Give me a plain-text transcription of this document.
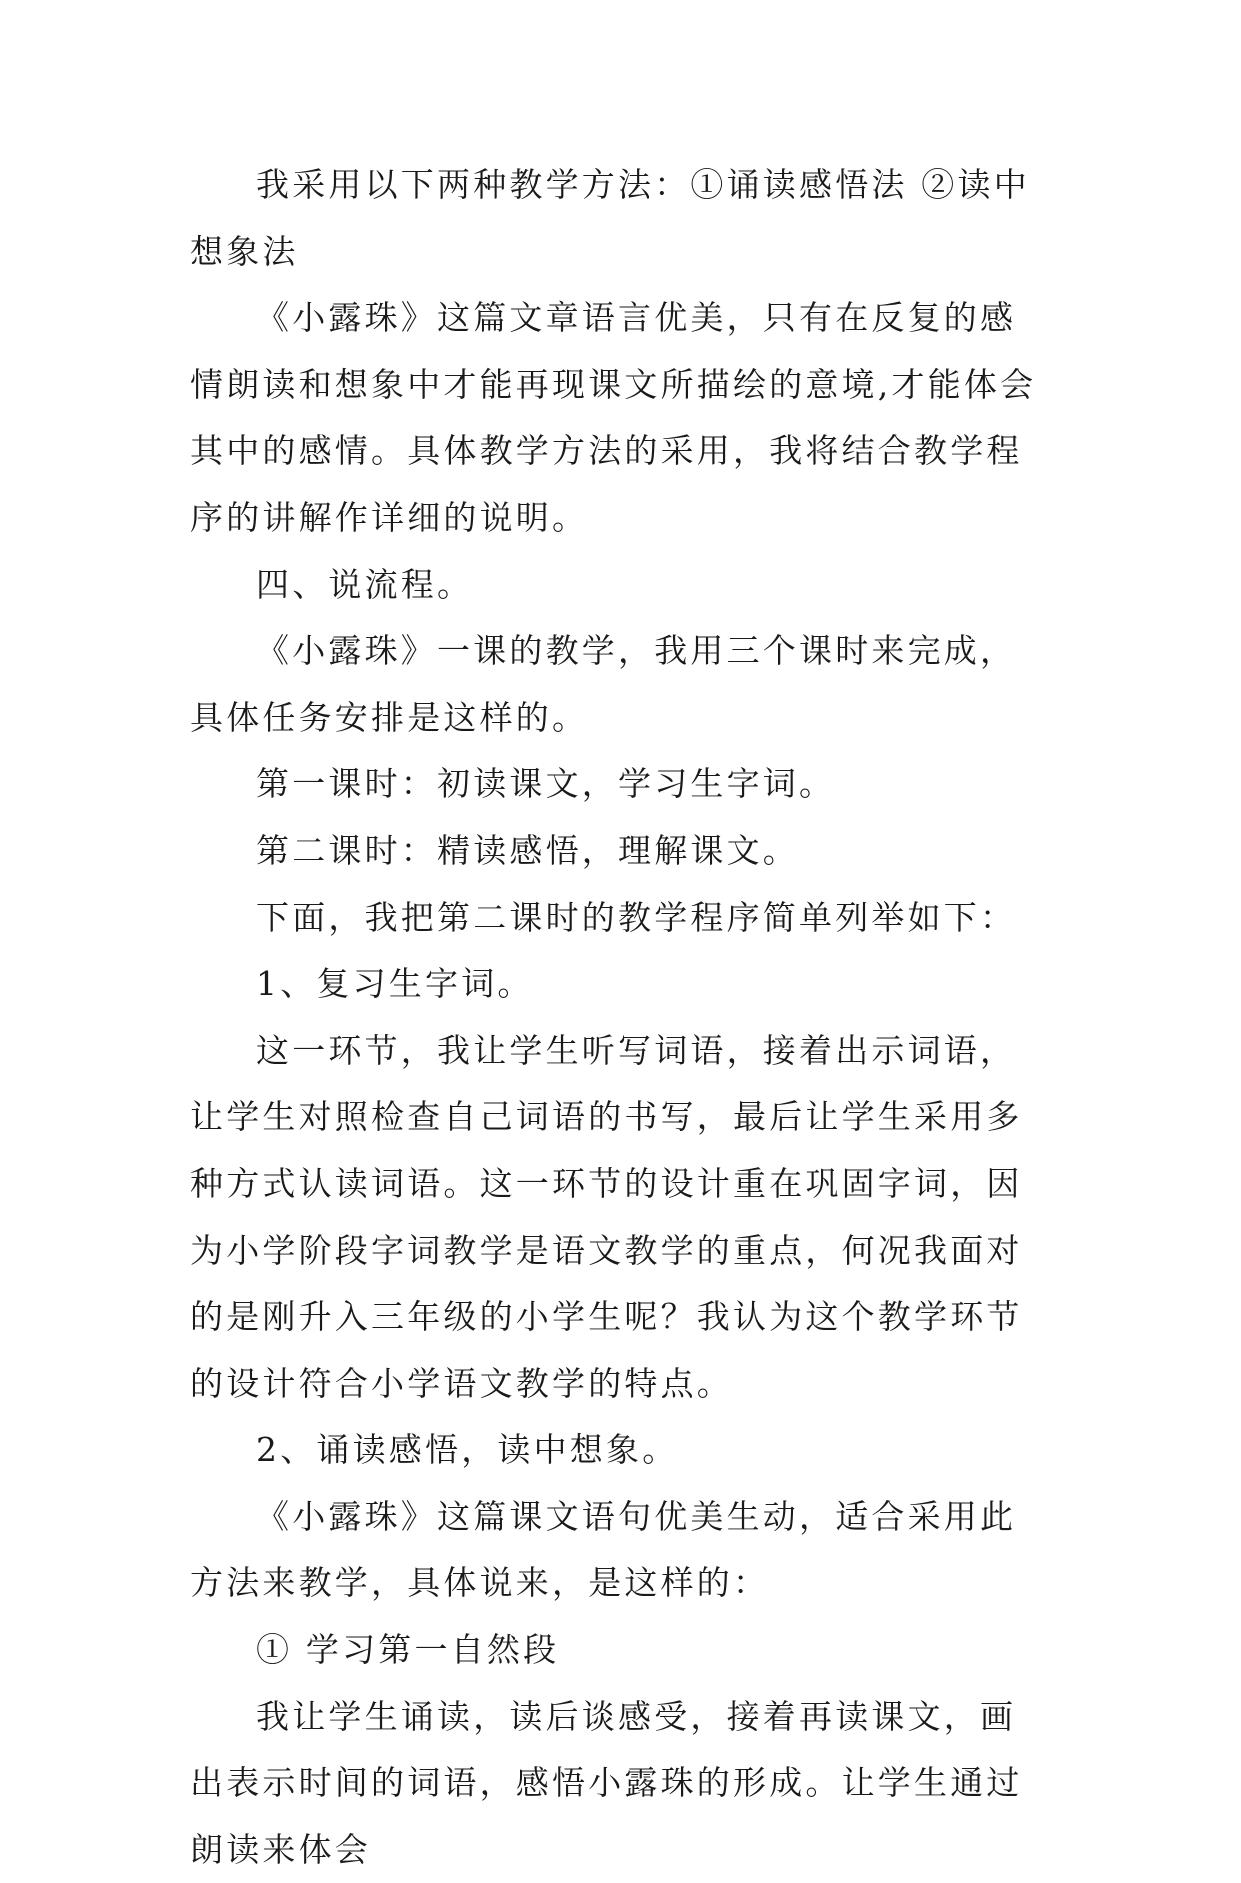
我采用以下两种教学方法：①诵读感悟法 ②读中想象法

《小露珠》这篇文章语言优美，只有在反复的感情朗读和想象中才能再现课文所描绘的意境,才能体会其中的感情。具体教学方法的采用，我将结合教学程序的讲解作详细的说明。

四、说流程。

《小露珠》一课的教学，我用三个课时来完成，具体任务安排是这样的。

第一课时：初读课文，学习生字词。

第二课时：精读感悟，理解课文。

下面，我把第二课时的教学程序简单列举如下：

1、复习生字词。

这一环节，我让学生听写词语，接着出示词语，让学生对照检查自己词语的书写，最后让学生采用多种方式认读词语。这一环节的设计重在巩固字词，因为小学阶段字词教学是语文教学的重点，何况我面对的是刚升入三年级的小学生呢？我认为这个教学环节的设计符合小学语文教学的特点。

2、诵读感悟，读中想象。

《小露珠》这篇课文语句优美生动，适合采用此方法来教学，具体说来，是这样的：

① 学习第一自然段

我让学生诵读，读后谈感受，接着再读课文，画出表示时间的词语，感悟小露珠的形成。让学生通过朗读来体会
